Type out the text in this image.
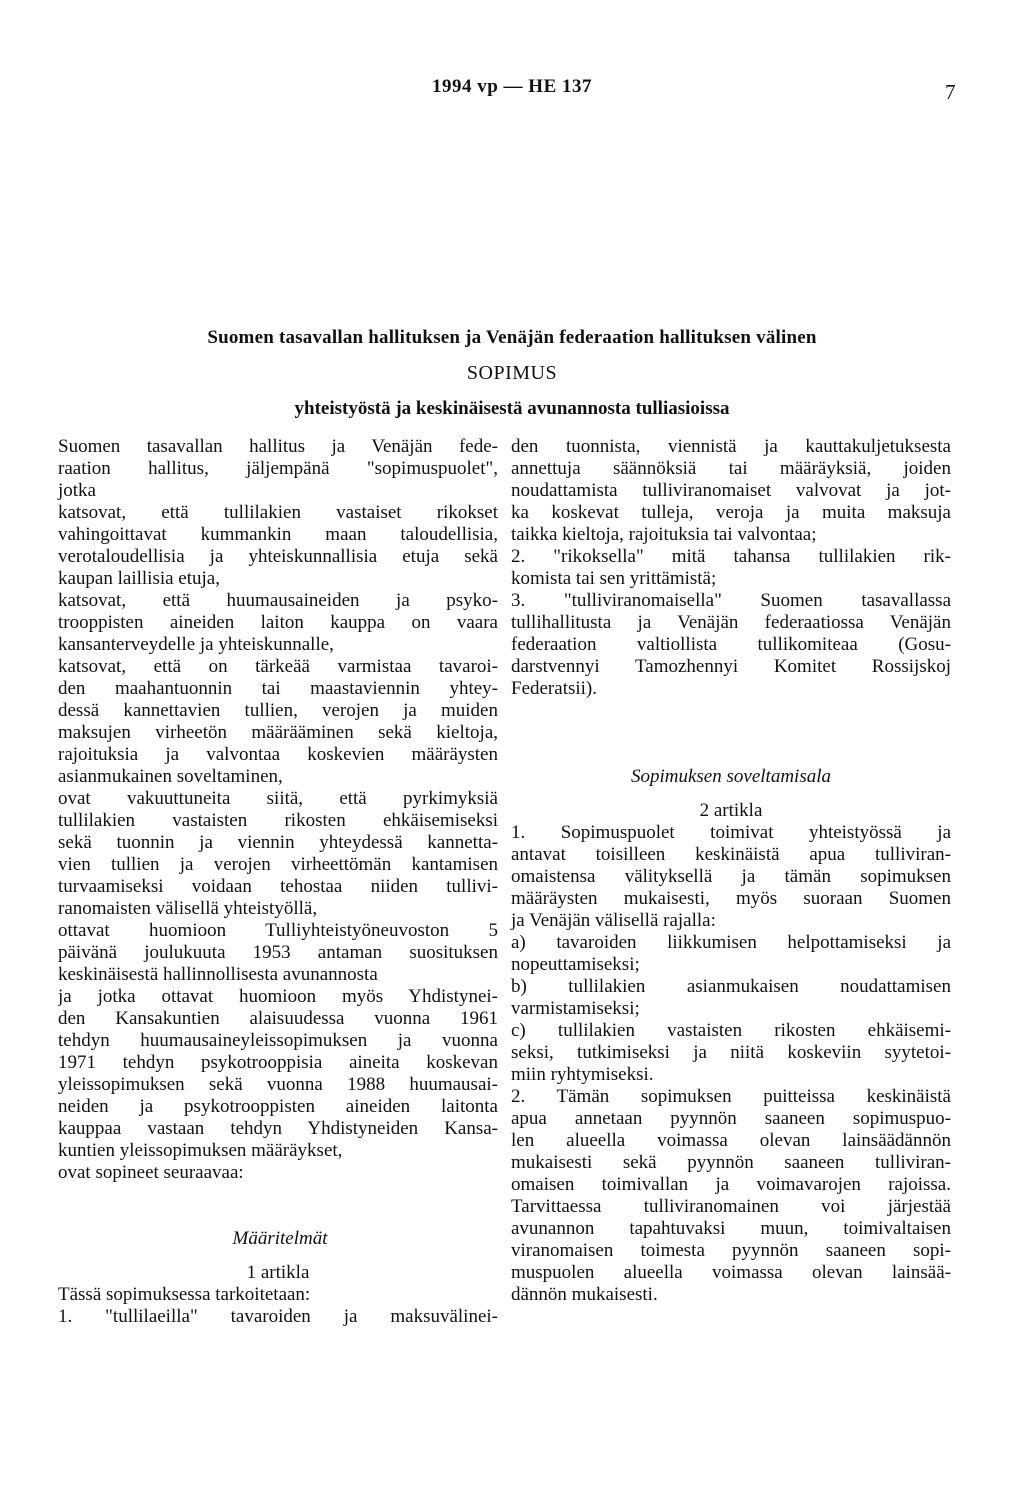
1994 vp — HE 137	7
Suomen tasavallan hallituksen ja Venäjän federaation hallituksen välinen
SOPIMUS
yhteistyöstä ja keskinäisestä avunannosta tulliasioissa
Suomen tasavallan hallitus ja Venäjän fede-
raation hallitus, jäljempänä "sopimuspuolet",
jotka
katsovat, että tullilakien vastaiset rikokset
vahingoittavat kummankin maan taloudellisia,
verotaloudellisia ja yhteiskunnallisia etuja sekä
kaupan laillisia etuja,
katsovat, että huumausaineiden ja psyko-
trooppisten aineiden laiton kauppa on vaara
kansanterveydelle ja yhteiskunnalle,
katsovat, että on tärkeää varmistaa tavaroi-
den maahantuonnin tai maastaviennin yhtey-
dessä kannettavien tullien, verojen ja muiden
maksujen virheetön määrääminen sekä kieltoja,
rajoituksia ja valvontaa koskevien määräysten
asianmukainen soveltaminen,
ovat vakuuttuneita siitä, että pyrkimyksiä
tullilakien vastaisten rikosten ehkäisemiseksi
sekä tuonnin ja viennin yhteydessä kannetta-
vien tullien ja verojen virheettömän kantamisen
turvaamiseksi voidaan tehostaa niiden tullivi-
ranomaisten välisellä yhteistyöllä,
ottavat huomioon Tulliyhteistyöneuvoston 5
päivänä joulukuuta 1953 antaman suosituksen
keskinäisestä hallinnollisesta avunannosta
ja jotka ottavat huomioon myös Yhdistynei-
den Kansakuntien alaisuudessa vuonna 1961
tehdyn huumausaineyleissopimuksen ja vuonna
1971 tehdyn psykotrooppisia aineita koskevan
yleissopimuksen sekä vuonna 1988 huumausai-
neiden ja psykotrooppisten aineiden laitonta
kauppaa vastaan tehdyn Yhdistyneiden Kansa-
kuntien yleissopimuksen määräykset,
ovat sopineet seuraavaa:
Määritelmät
1 artikla
Tässä sopimuksessa tarkoitetaan:
1. "tullilaeilla" tavaroiden ja maksuvälinei-
den tuonnista, viennistä ja kauttakuljetuksesta
annettuja säännöksiä tai määräyksiä, joiden
noudattamista tulliviranomaiset valvovat ja jot-
ka koskevat tulleja, veroja ja muita maksuja
taikka kieltoja, rajoituksia tai valvontaa;
2. "rikoksella" mitä tahansa tullilakien rik-
komista tai sen yrittämistä;
3. "tulliviranomaisella" Suomen tasavallassa
tullihallitusta ja Venäjän federaatiossa Venäjän
federaation valtiollista tullikomiteaa (Gosu-
darstvennyi Tamozhennyi Komitet Rossijskoj
Federatsii).
Sopimuksen soveltamisala
2 artikla
1. Sopimuspuolet toimivat yhteistyössä ja
antavat toisilleen keskinäistä apua tulliviran-
omaistensa välityksellä ja tämän sopimuksen
määräysten mukaisesti, myös suoraan Suomen
ja Venäjän välisellä rajalla:
a) tavaroiden liikkumisen helpottamiseksi ja
nopeuttamiseksi;
b) tullilakien asianmukaisen noudattamisen
varmistamiseksi;
c) tullilakien vastaisten rikosten ehkäisemi-
seksi, tutkimiseksi ja niitä koskeviin syytetoi-
miin ryhtymiseksi.
2. Tämän sopimuksen puitteissa keskinäistä
apua annetaan pyynnön saaneen sopimuspuo-
len alueella voimassa olevan lainsäädännön
mukaisesti sekä pyynnön saaneen tulliviran-
omaisen toimivallan ja voimavarojen rajoissa.
Tarvittaessa tulliviranomainen voi järjestää
avunannon tapahtuvaksi muun, toimivaltaisen
viranomaisen toimesta pyynnön saaneen sopi-
muspuolen alueella voimassa olevan lainsää-
dännön mukaisesti.
